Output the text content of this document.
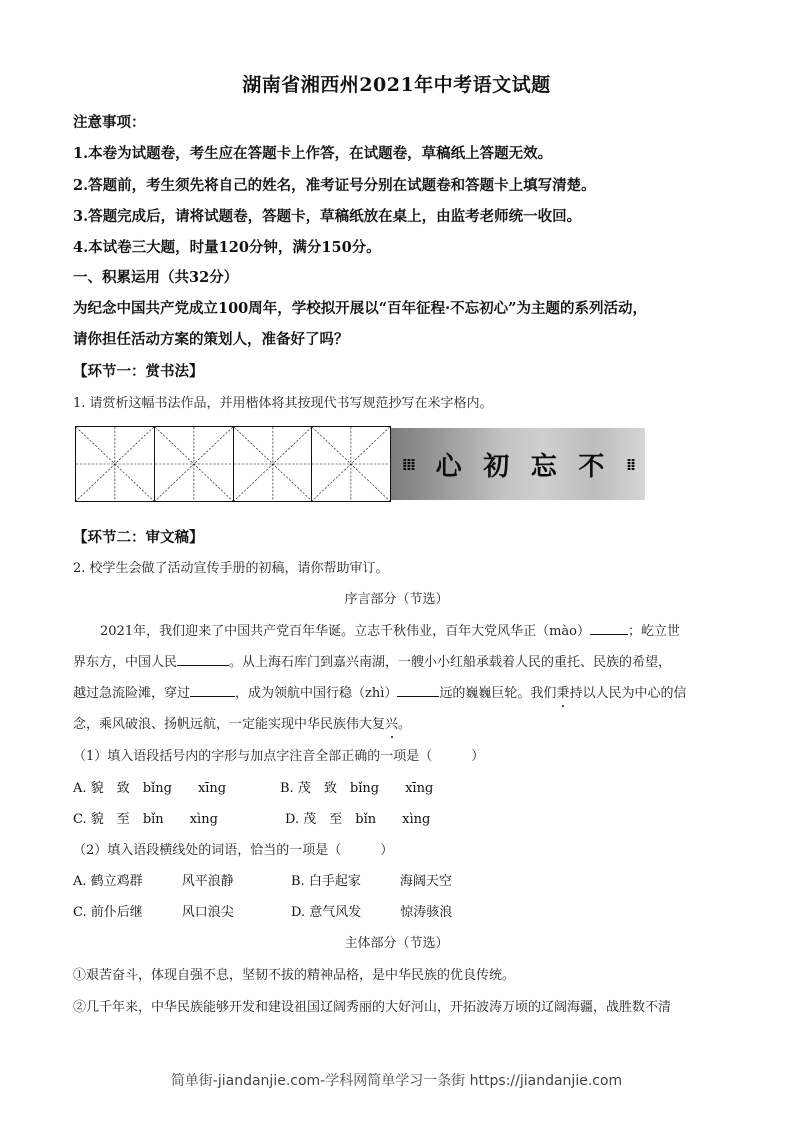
湖南省湘西州2021年中考语文试题
注意事项：
1.本卷为试题卷，考生应在答题卡上作答，在试题卷，草稿纸上答题无效。
2.答题前，考生须先将自己的姓名，准考证号分别在试题卷和答题卡上填写清楚。
3.答题完成后，请将试题卷，答题卡，草稿纸放在桌上，由监考老师统一收回。
4.本试卷三大题，时量120分钟，满分150分。
一、积累运用（共32分）
为纪念中国共产党成立100周年，学校拟开展以“百年征程·不忘初心”为主题的系列活动，
请你担任活动方案的策划人，准备好了吗？
【环节一：赏书法】
1. 请赏析这幅书法作品，并用楷体将其按现代书写规范抄写在米字格内。
⁞⁞⁞ 心 初 忘 不 ⁞⁞
【环节二：审文稿】
2. 校学生会做了活动宣传手册的初稿，请你帮助审订。
序言部分（节选）
2021年，我们迎来了中国共产党百年华诞。立志千秋伟业，百年大党风华正（mào）	；屹立世
界东方，中国人民	。从上海石库门到嘉兴南湖，一艘小小红船承载着人民的重托、民族的希望，
越过急流险滩，穿过	，成为领航中国行稳（zhì）	远的巍巍巨轮。我们秉持以人民为中心的信
念，乘风破浪、扬帆远航，一定能实现中华民族伟大复兴。
（1）填入语段括号内的字形与加点字注音全部正确的一项是（　　　）
A. 貌　 致　 bǐng　　 xīng	B. 茂　 致　 bǐng　　 xīng
C. 貌　 至　 bǐn　　 xìng	D. 茂　 至　 bǐn　　 xìng
（2）填入语段横线处的词语，恰当的一项是（　　　）
A. 鹤立鸡群　　　	风平浪静	B. 白手起家　　　	海阔天空
C. 前仆后继　　　	风口浪尖	D. 意气风发　　　	惊涛骇浪
主体部分（节选）
①艰苦奋斗，体现自强不息，坚韧不拔的精神品格，是中华民族的优良传统。
②几千年来，中华民族能够开发和建设祖国辽阔秀丽的大好河山，开拓波涛万顷的辽阔海疆，战胜数不清
简单街-jiandanjie.com-学科网简单学习一条街 https://jiandanjie.com
